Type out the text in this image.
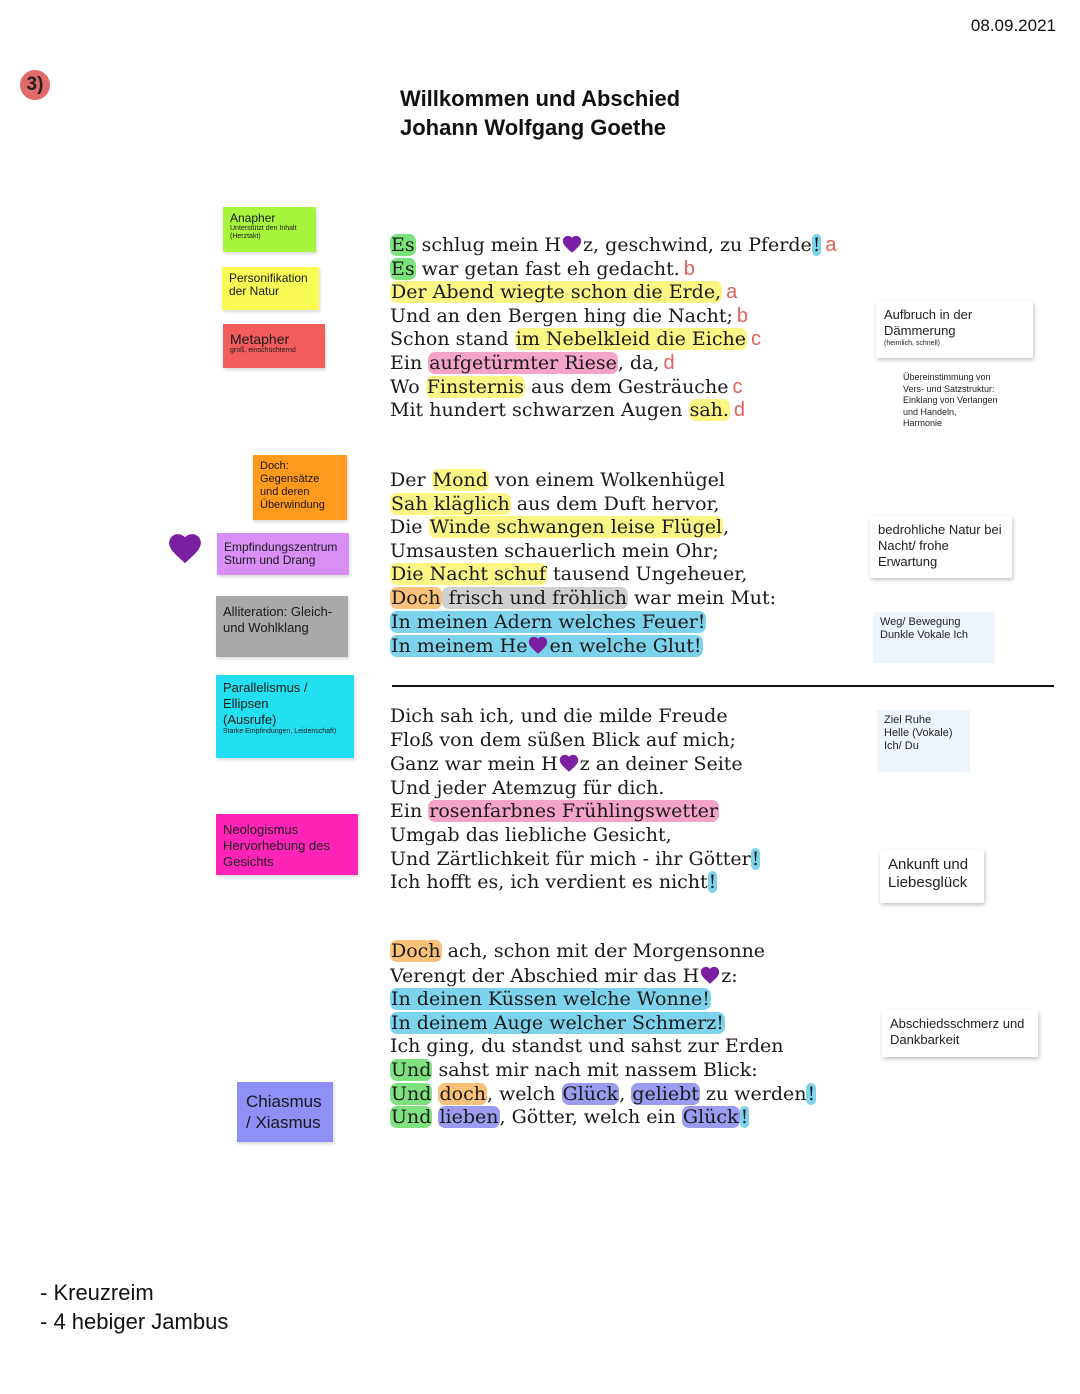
08.09.2021
3)
Willkommen und Abschied
Johann Wolfgang Goethe
Anapher
Unterstützt den Inhalt (Herztakt)
Personifikation der Natur
Metapher
groß, einschüchternd
Doch: Gegensätze und deren Überwindung
Empfindungszentrum Sturm und Drang
Alliteration: Gleich- und Wohlklang
Parallelismus / Ellipsen (Ausrufe)
Starke Empfindungen, Leidenschaft)
Neologismus Hervorhebung des Gesichts
Chiasmus / Xiasmus
Es schlug mein H z, geschwind, zu Pferde! a
Es war getan fast eh gedacht. b
Der Abend wiegte schon die Erde, a
Und an den Bergen hing die Nacht; b
Schon stand im Nebelkleid die Eiche c
Ein aufgetürmter Riese, da, d
Wo Finsternis aus dem Gesträuche c
Mit hundert schwarzen Augen sah. d
Der Mond von einem Wolkenhügel
Sah kläglich aus dem Duft hervor,
Die Winde schwangen leise Flügel,
Umsausten schauerlich mein Ohr;
Die Nacht schuf tausend Ungeheuer,
Doch frisch und fröhlich war mein Mut:
In meinen Adern welches Feuer!
In meinem He en welche Glut!
Dich sah ich, und die milde Freude
Floß von dem süßen Blick auf mich;
Ganz war mein H z an deiner Seite
Und jeder Atemzug für dich.
Ein rosenfarbnes Frühlingswetter
Umgab das liebliche Gesicht,
Und Zärtlichkeit für mich - ihr Götter!
Ich hofft es, ich verdient es nicht!
Doch ach, schon mit der Morgensonne
Verengt der Abschied mir das H z:
In deinen Küssen welche Wonne!
In deinem Auge welcher Schmerz!
Ich ging, du standst und sahst zur Erden
Und sahst mir nach mit nassem Blick:
Und doch, welch Glück, geliebt zu werden!
Und lieben, Götter, welch ein Glück !
Aufbruch in der Dämmerung
(heimlich, schnell)
Übereinstimmung von Vers- und Satzstruktur: Einklang von Verlangen und Handeln, Harmonie
bedrohliche Natur bei Nacht/ frohe Erwartung
Weg/ Bewegung Dunkle Vokale Ich
Ziel Ruhe Helle (Vokale) Ich/ Du
Ankunft und Liebesglück
Abschiedsschmerz und Dankbarkeit
- Kreuzreim
- 4 hebiger Jambus
